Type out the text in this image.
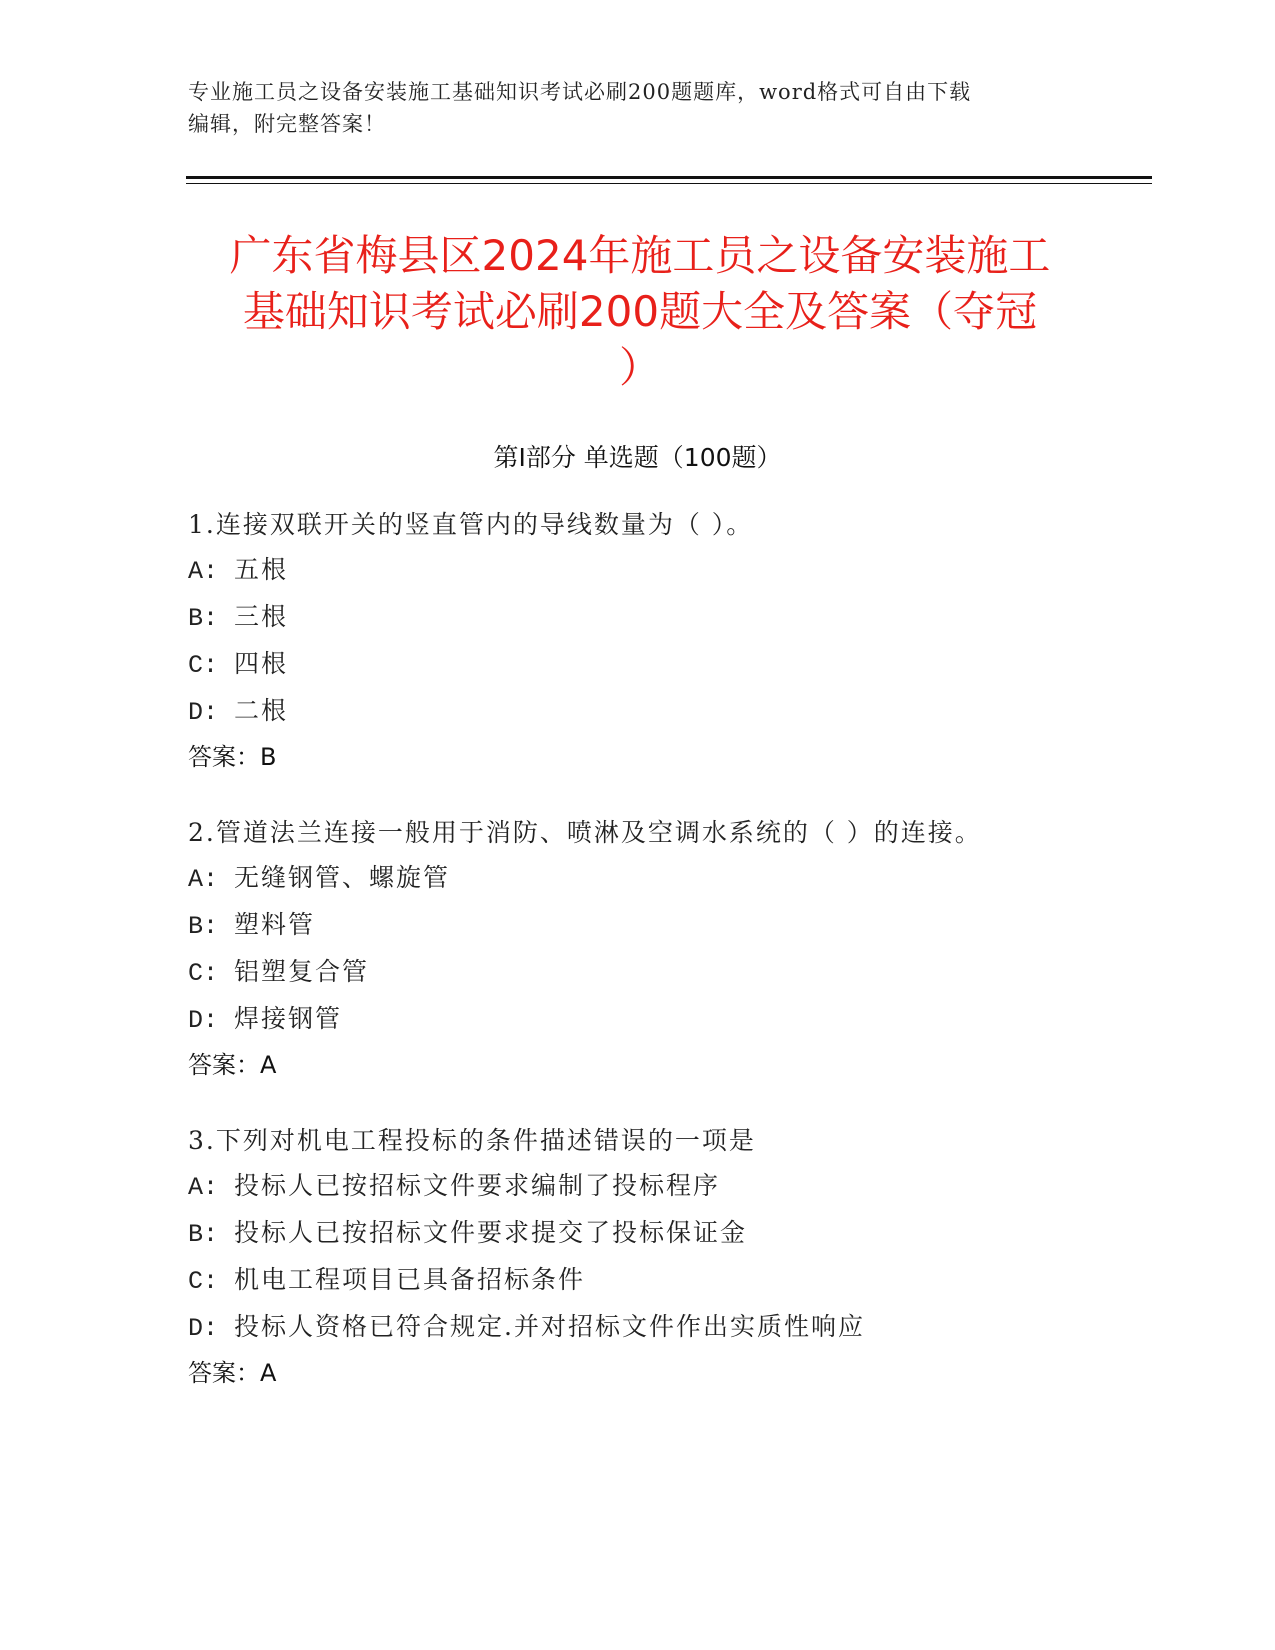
专业施工员之设备安装施工基础知识考试必刷200题题库，word格式可自由下载
编辑，附完整答案！
广东省梅县区2024年施工员之设备安装施工
基础知识考试必刷200题大全及答案（夺冠
）
第Ⅰ部分 单选题（100题）
1.连接双联开关的竖直管内的导线数量为（ ）。
A: 五根
B: 三根
C: 四根
D: 二根
答案：B
2.管道法兰连接一般用于消防、喷淋及空调水系统的（ ）的连接。
A: 无缝钢管、螺旋管
B: 塑料管
C: 铝塑复合管
D: 焊接钢管
答案：A
3.下列对机电工程投标的条件描述错误的一项是
A: 投标人已按招标文件要求编制了投标程序
B: 投标人已按招标文件要求提交了投标保证金
C: 机电工程项目已具备招标条件
D: 投标人资格已符合规定.并对招标文件作出实质性响应
答案：A
